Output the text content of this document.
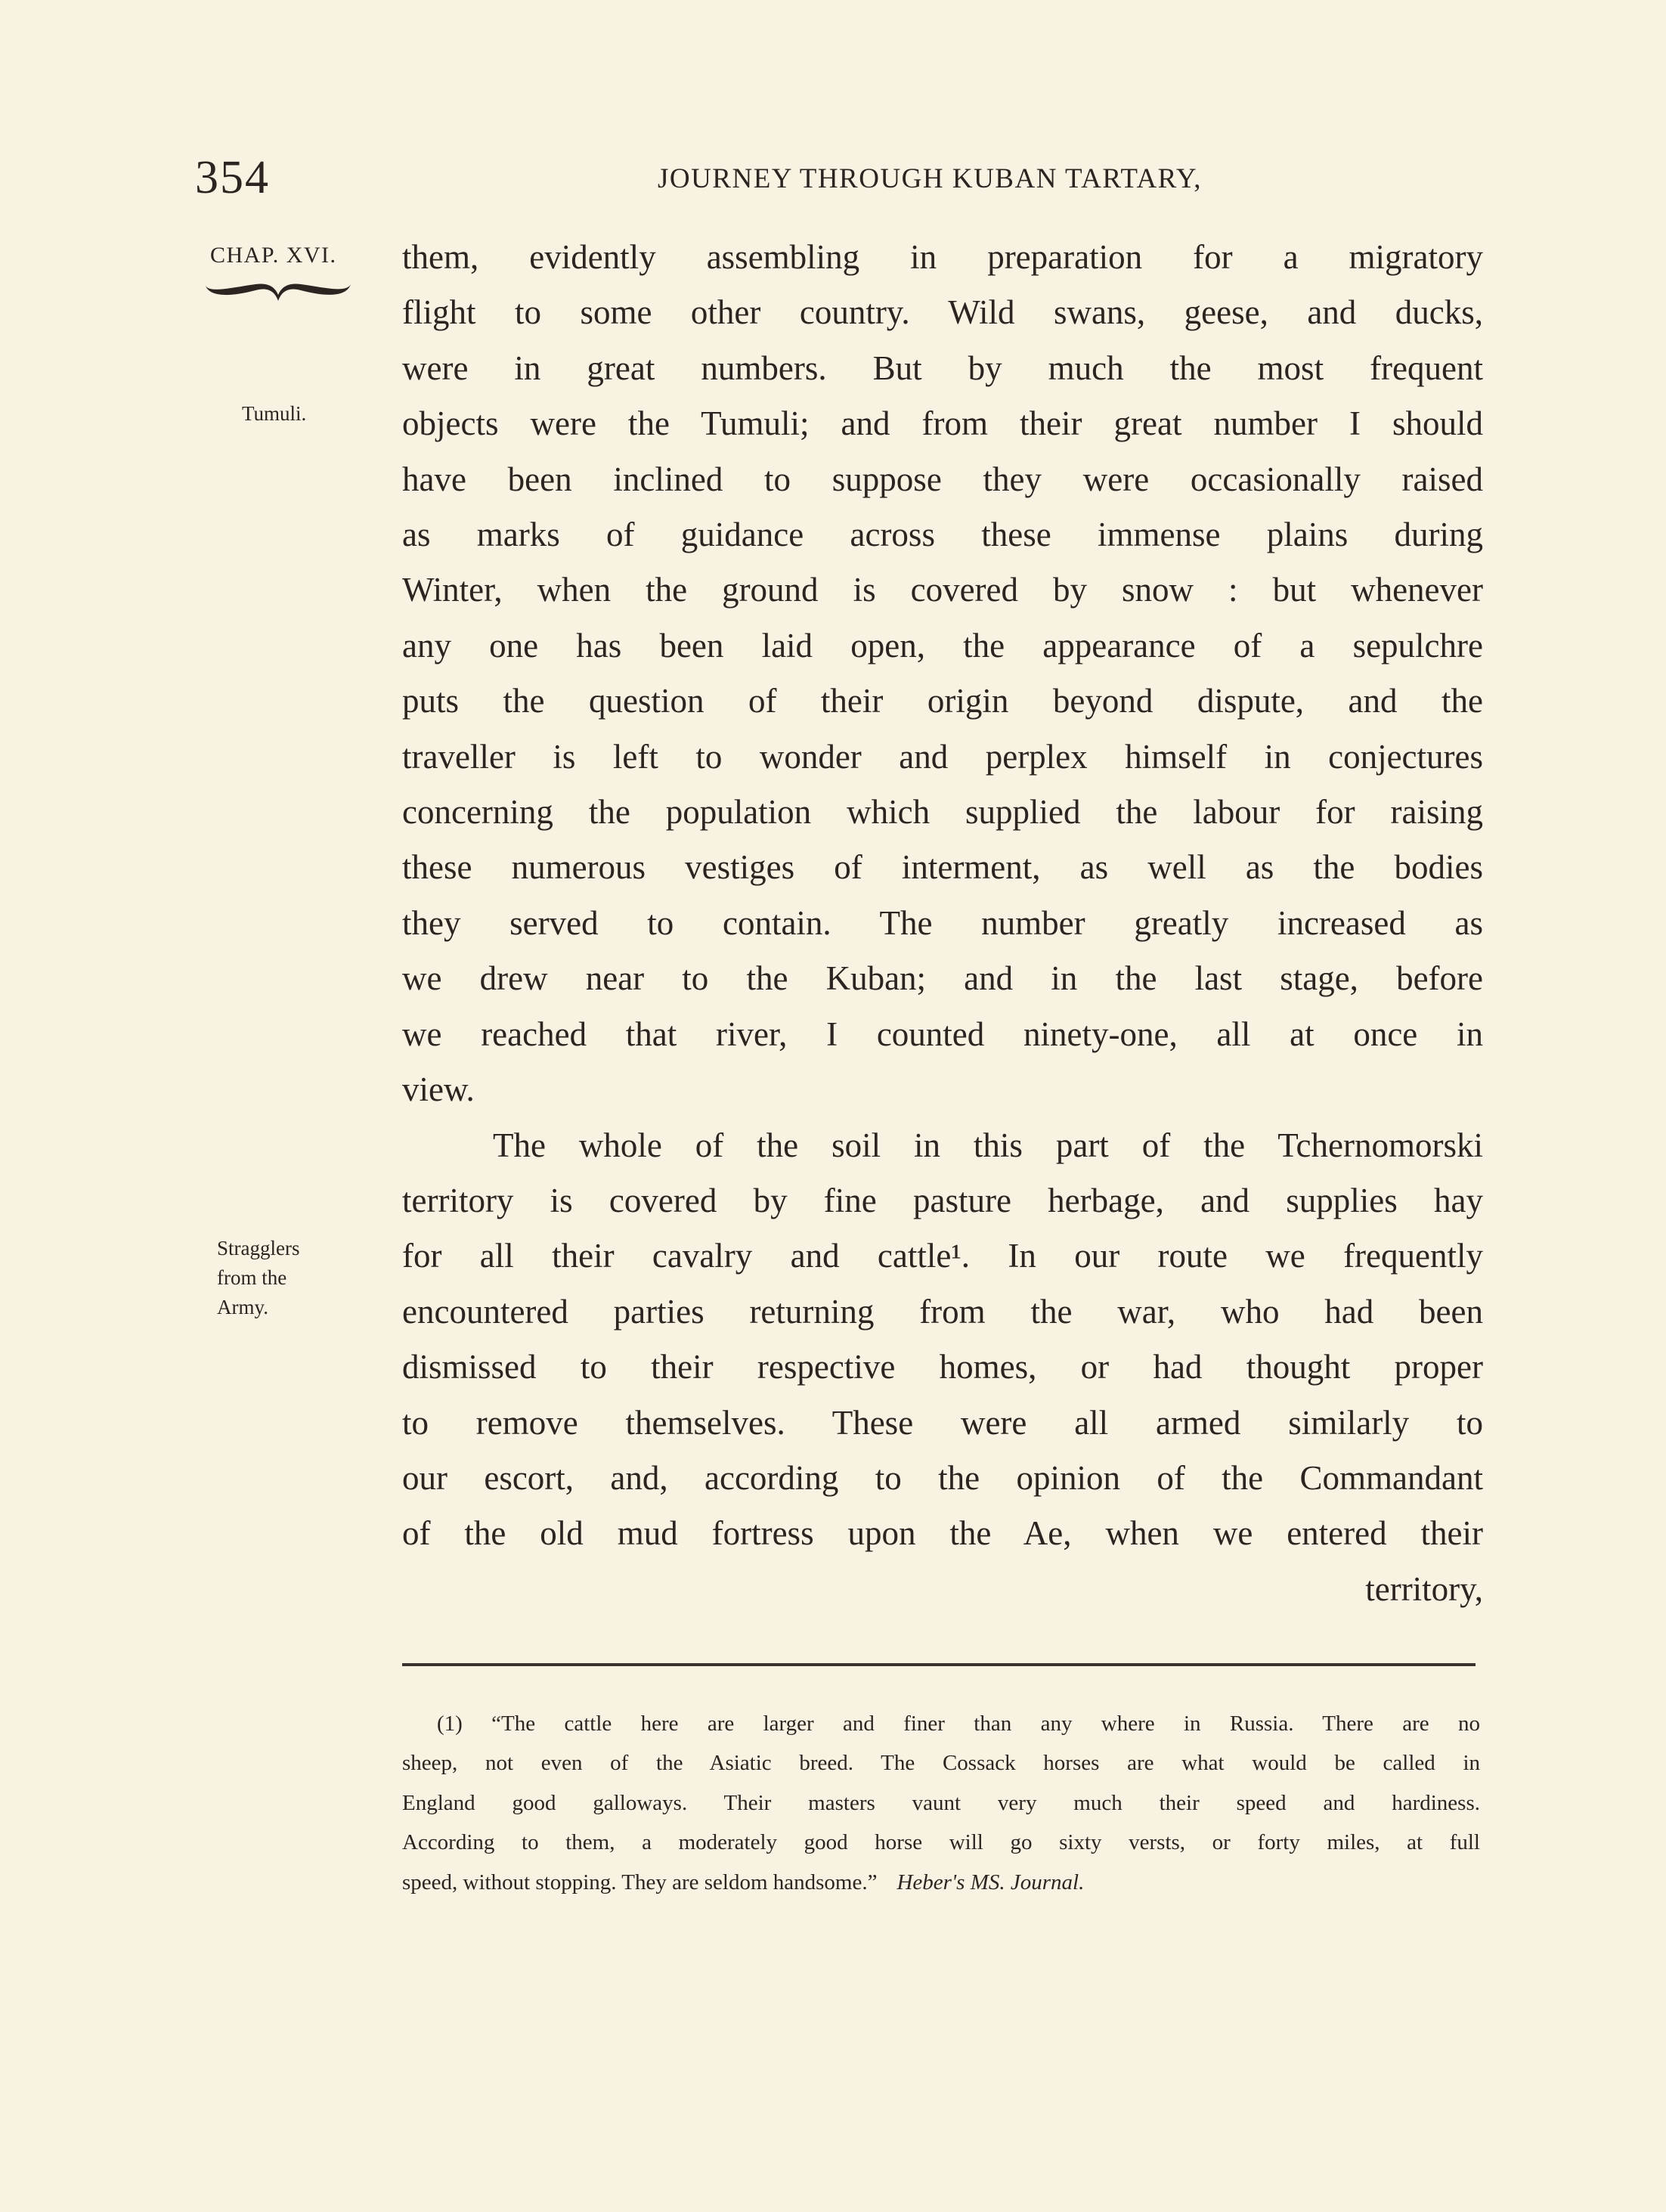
354	JOURNEY THROUGH KUBAN TARTARY,
CHAP. XVI.
Tumuli.
Stragglers
from the
Army.
them, evidently assembling in preparation for a migratory
flight to some other country. Wild swans, geese, and ducks,
were in great numbers. But by much the most frequent
objects were the Tumuli; and from their great number I should
have been inclined to suppose they were occasionally raised
as marks of guidance across these immense plains during
Winter, when the ground is covered by snow : but whenever
any one has been laid open, the appearance of a sepulchre
puts the question of their origin beyond dispute, and the
traveller is left to wonder and perplex himself in conjectures
concerning the population which supplied the labour for raising
these numerous vestiges of interment, as well as the bodies
they served to contain. The number greatly increased as
we drew near to the Kuban; and in the last stage, before
we reached that river, I counted ninety-one, all at once in
view.
The whole of the soil in this part of the Tchernomorski
territory is covered by fine pasture herbage, and supplies hay
for all their cavalry and cattle¹. In our route we frequently
encountered parties returning from the war, who had been
dismissed to their respective homes, or had thought proper
to remove themselves. These were all armed similarly to
our escort, and, according to the opinion of the Commandant
of the old mud fortress upon the Ae, when we entered their
territory,
(1) “The cattle here are larger and finer than any where in Russia. There are no
sheep, not even of the Asiatic breed. The Cossack horses are what would be called in
England good galloways. Their masters vaunt very much their speed and hardiness.
According to them, a moderately good horse will go sixty versts, or forty miles, at full
speed, without stopping. They are seldom handsome.” Heber's MS. Journal.
